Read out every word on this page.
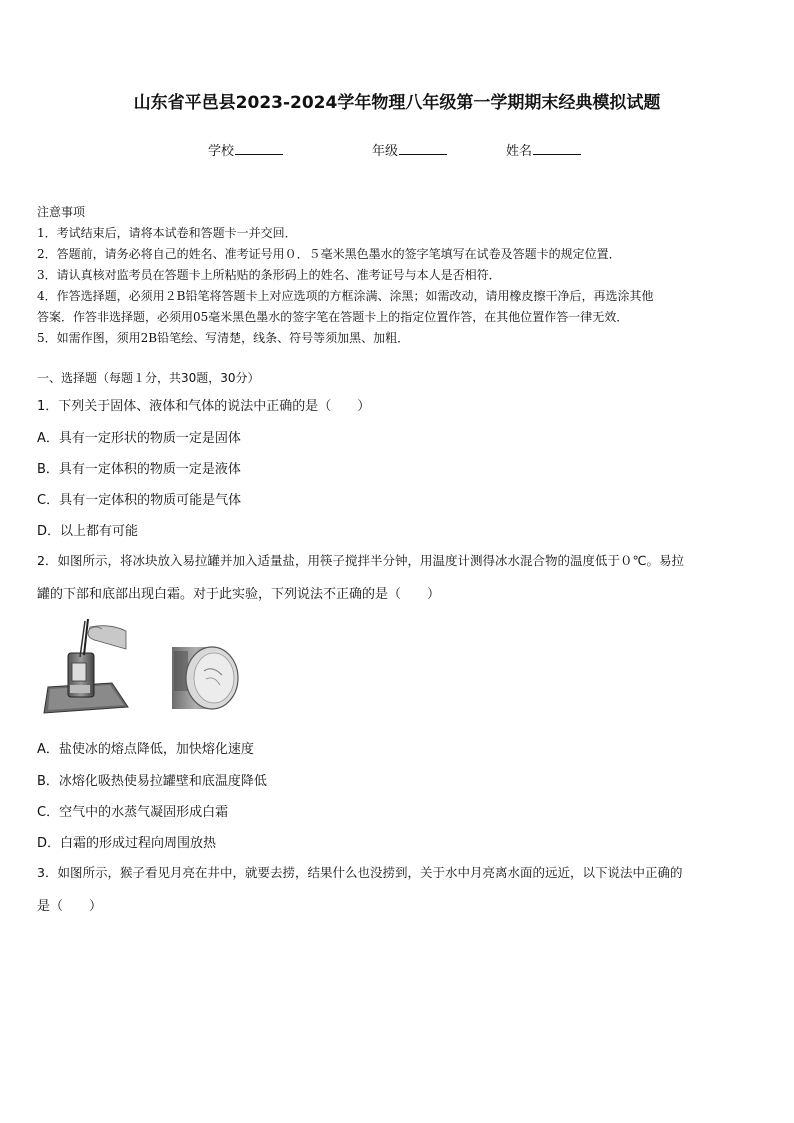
山东省平邑县2023-2024学年物理八年级第一学期期末经典模拟试题
学校	年级	姓名
注意事项
1．考试结束后，请将本试卷和答题卡一并交回．
2．答题前，请务必将自己的姓名、准考证号用０．５毫米黑色墨水的签字笔填写在试卷及答题卡的规定位置．
3．请认真核对监考员在答题卡上所粘贴的条形码上的姓名、准考证号与本人是否相符．
4．作答选择题，必须用２B铅笔将答题卡上对应选项的方框涂满、涂黑；如需改动，请用橡皮擦干净后，再选涂其他
答案．作答非选择题，必须用05毫米黑色墨水的签字笔在答题卡上的指定位置作答，在其他位置作答一律无效．
5．如需作图，须用2B铅笔绘、写清楚，线条、符号等须加黑、加粗．
一、选择题（每题１分，共30题，30分）
1．下列关于固体、液体和气体的说法中正确的是（　　）
A．具有一定形状的物质一定是固体
B．具有一定体积的物质一定是液体
C．具有一定体积的物质可能是气体
D．以上都有可能
2．如图所示，将冰块放入易拉罐并加入适量盐，用筷子搅拌半分钟，用温度计测得冰水混合物的温度低于０℃。易拉
罐的下部和底部出现白霜。对于此实验，下列说法不正确的是（　　）
A．盐使冰的熔点降低，加快熔化速度
B．冰熔化吸热使易拉罐壁和底温度降低
C．空气中的水蒸气凝固形成白霜
D．白霜的形成过程向周围放热
3．如图所示，猴子看见月亮在井中，就要去捞，结果什么也没捞到，关于水中月亮离水面的远近，以下说法中正确的
是（　　）
